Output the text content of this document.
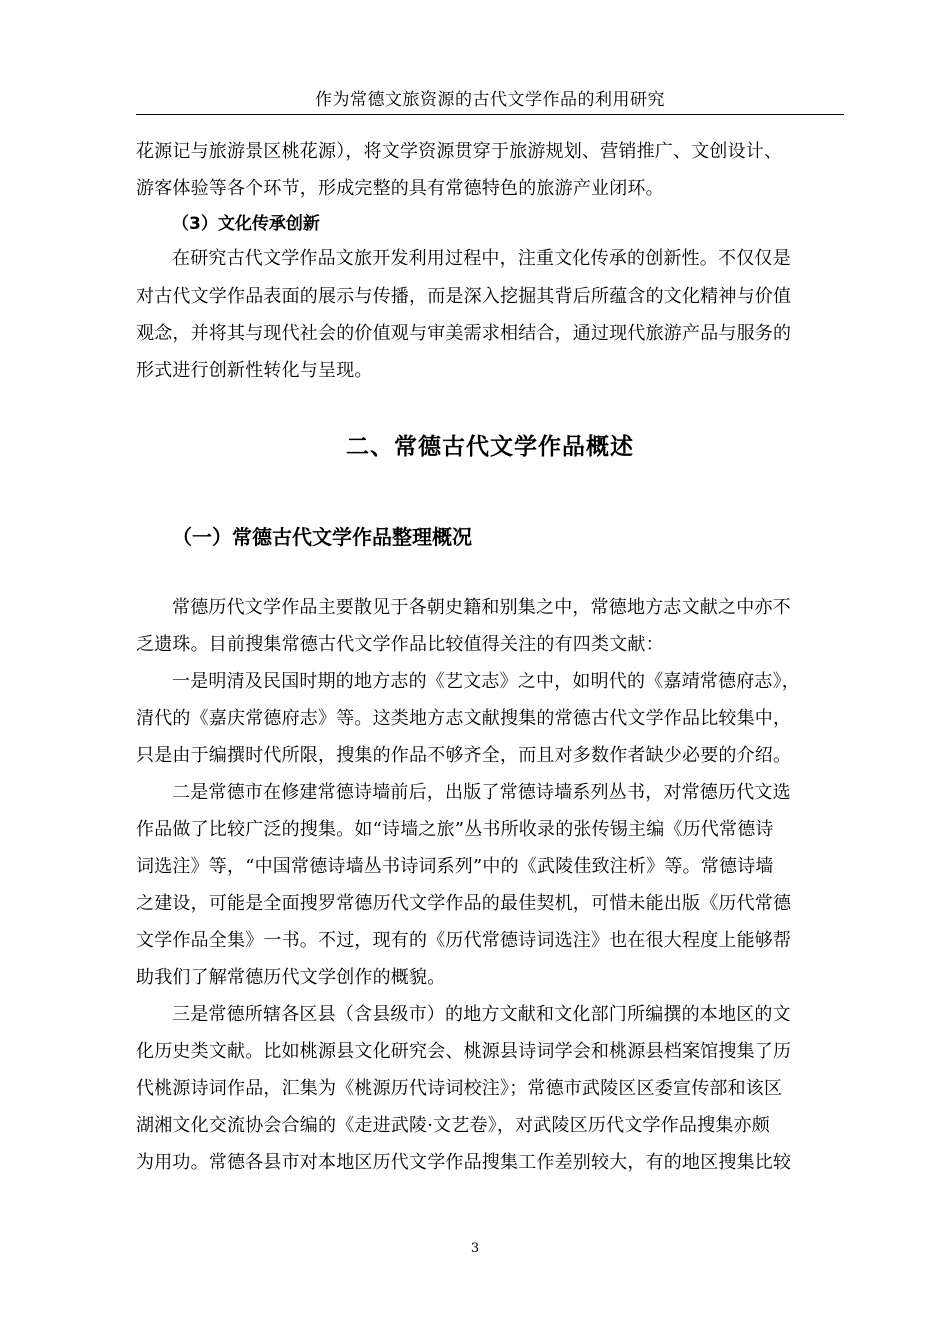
作为常德文旅资源的古代文学作品的利用研究
花源记与旅游景区桃花源），将文学资源贯穿于旅游规划、营销推广、文创设计、
游客体验等各个环节，形成完整的具有常德特色的旅游产业闭环。
（3）文化传承创新
在研究古代文学作品文旅开发利用过程中，注重文化传承的创新性。不仅仅是
对古代文学作品表面的展示与传播，而是深入挖掘其背后所蕴含的文化精神与价值
观念，并将其与现代社会的价值观与审美需求相结合，通过现代旅游产品与服务的
形式进行创新性转化与呈现。
二、常德古代文学作品概述
（一）常德古代文学作品整理概况
常德历代文学作品主要散见于各朝史籍和别集之中，常德地方志文献之中亦不
乏遗珠。目前搜集常德古代文学作品比较值得关注的有四类文献：
一是明清及民国时期的地方志的《艺文志》之中，如明代的《嘉靖常德府志》，
清代的《嘉庆常德府志》等。这类地方志文献搜集的常德古代文学作品比较集中，
只是由于编撰时代所限，搜集的作品不够齐全，而且对多数作者缺少必要的介绍。
二是常德市在修建常德诗墙前后，出版了常德诗墙系列丛书，对常德历代文选
作品做了比较广泛的搜集。如“诗墙之旅”丛书所收录的张传锡主编《历代常德诗
词选注》等，“中国常德诗墙丛书诗词系列”中的《武陵佳致注析》等。常德诗墙
之建设，可能是全面搜罗常德历代文学作品的最佳契机，可惜未能出版《历代常德
文学作品全集》一书。不过，现有的《历代常德诗词选注》也在很大程度上能够帮
助我们了解常德历代文学创作的概貌。
三是常德所辖各区县（含县级市）的地方文献和文化部门所编撰的本地区的文
化历史类文献。比如桃源县文化研究会、桃源县诗词学会和桃源县档案馆搜集了历
代桃源诗词作品，汇集为《桃源历代诗词校注》；常德市武陵区区委宣传部和该区
湖湘文化交流协会合编的《走进武陵·文艺卷》，对武陵区历代文学作品搜集亦颇
为用功。常德各县市对本地区历代文学作品搜集工作差别较大，有的地区搜集比较
3
